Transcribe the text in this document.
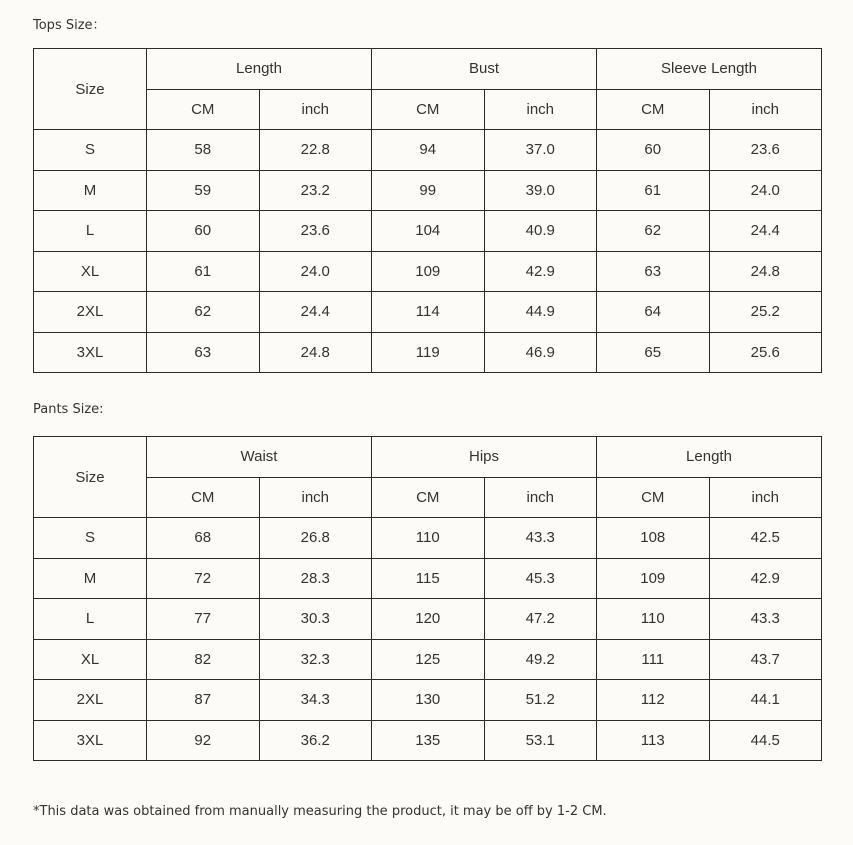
Tops Size：
Size	Length		Bust		Sleeve Length	
	CM	inch	CM	inch	CM	inch
S	58	22.8	94	37.0	60	23.6
M	59	23.2	99	39.0	61	24.0
L	60	23.6	104	40.9	62	24.4
XL	61	24.0	109	42.9	63	24.8
2XL	62	24.4	114	44.9	64	25.2
3XL	63	24.8	119	46.9	65	25.6
Pants Size:
Size	Waist		Hips		Length	
	CM	inch	CM	inch	CM	inch
S	68	26.8	110	43.3	108	42.5
M	72	28.3	115	45.3	109	42.9
L	77	30.3	120	47.2	110	43.3
XL	82	32.3	125	49.2	111	43.7
2XL	87	34.3	130	51.2	112	44.1
3XL	92	36.2	135	53.1	113	44.5
*This data was obtained from manually measuring the product, it may be off by 1-2 CM.
